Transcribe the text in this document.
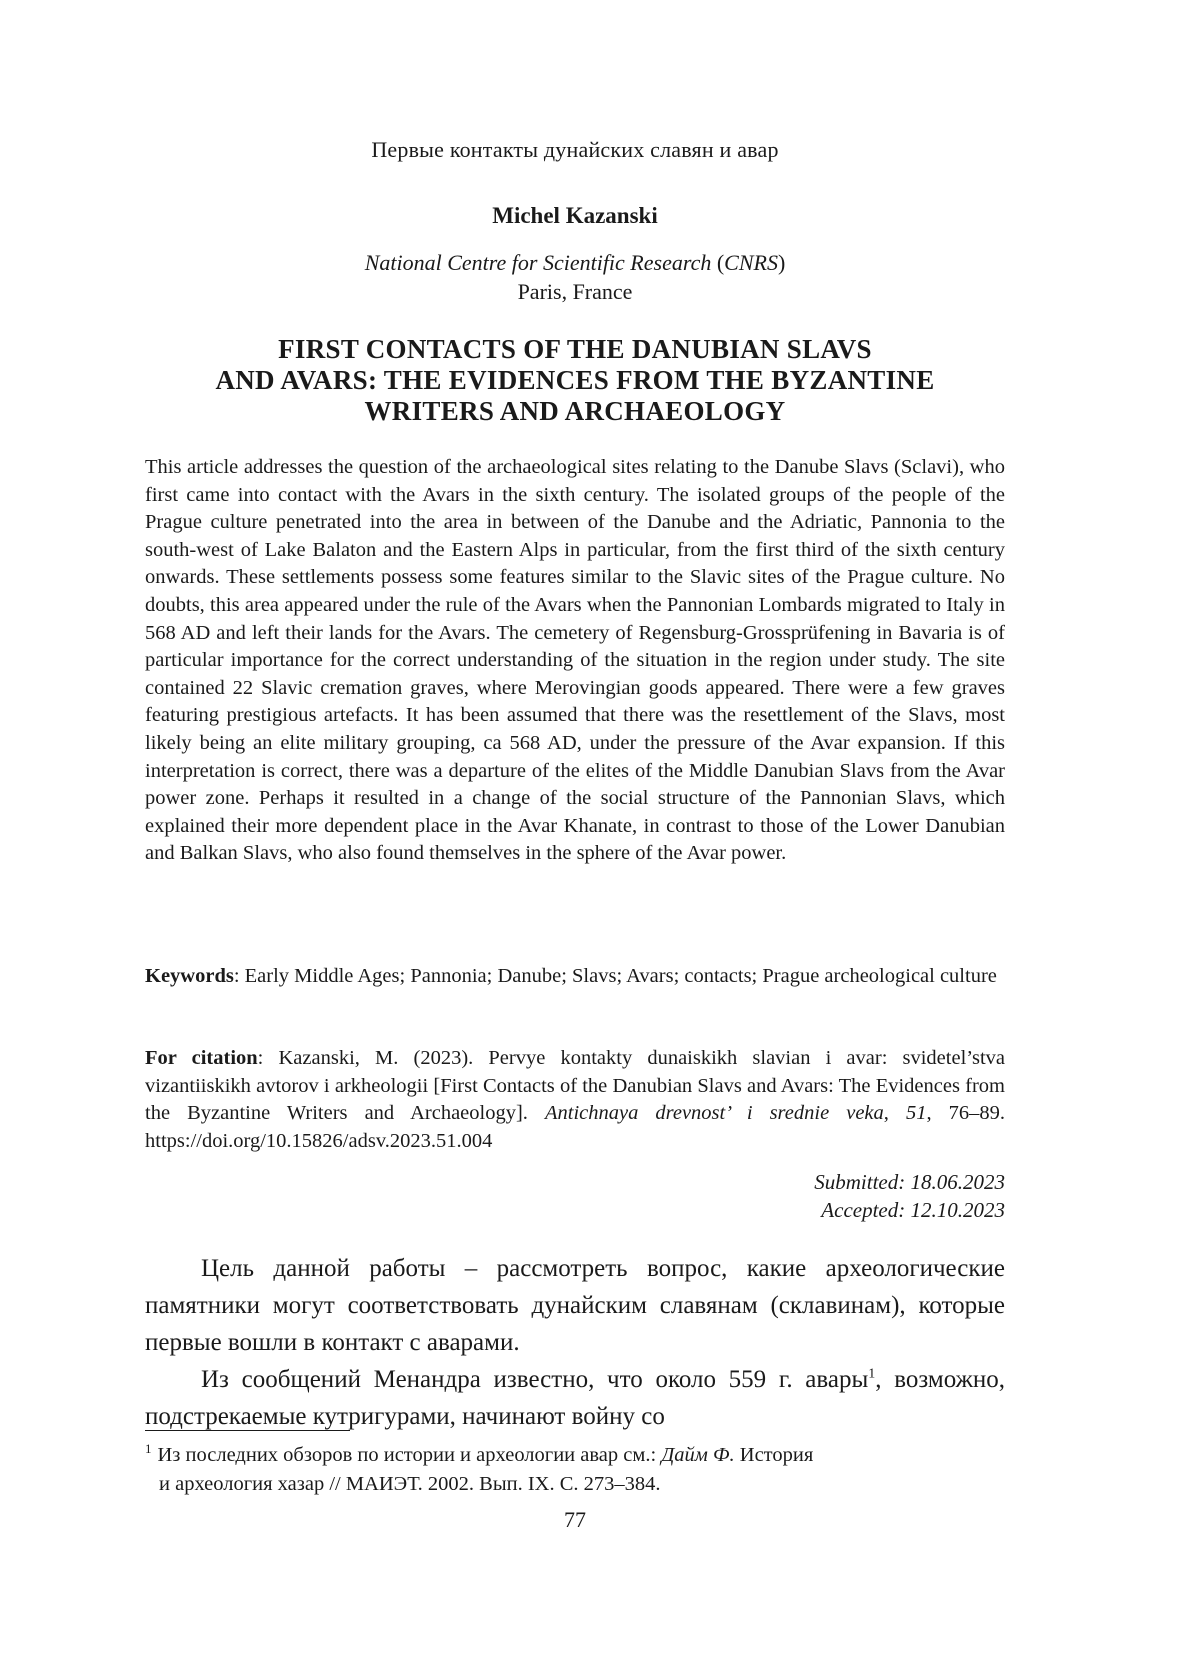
Первые контакты дунайских славян и авар
Michel Kazanski
National Centre for Scientific Research (CNRS)
Paris, France
FIRST CONTACTS OF THE DANUBIAN SLAVS
AND AVARS: THE EVIDENCES FROM THE BYZANTINE
WRITERS AND ARCHAEOLOGY
This article addresses the question of the archaeological sites relating to the Danube Slavs (Sclavi), who first came into contact with the Avars in the sixth century. The isolated groups of the people of the Prague culture penetrated into the area in between of the Danube and the Adriatic, Pannonia to the south-west of Lake Balaton and the Eastern Alps in particular, from the first third of the sixth century onwards. These settlements possess some features similar to the Slavic sites of the Prague culture. No doubts, this area appeared under the rule of the Avars when the Pannonian Lombards migrated to Italy in 568 AD and left their lands for the Avars. The cemetery of Regensburg-Grossprüfening in Bavaria is of particular importance for the correct understanding of the situation in the region under study. The site contained 22 Slavic cremation graves, where Merovingian goods appeared. There were a few graves featuring prestigious artefacts. It has been assumed that there was the resettlement of the Slavs, most likely being an elite military grouping, ca 568 AD, under the pressure of the Avar expansion. If this interpretation is correct, there was a departure of the elites of the Middle Danubian Slavs from the Avar power zone. Perhaps it resulted in a change of the social structure of the Pannonian Slavs, which explained their more dependent place in the Avar Khanate, in contrast to those of the Lower Danubian and Balkan Slavs, who also found themselves in the sphere of the Avar power.
Keywords: Early Middle Ages; Pannonia; Danube; Slavs; Avars; contacts; Prague archeological culture
For citation: Kazanski, M. (2023). Pervye kontakty dunaiskikh slavian i avar: svidetel’stva vizantiiskikh avtorov i arkheologii [First Contacts of the Danubian Slavs and Avars: The Evidences from the Byzantine Writers and Archaeology]. Antichnaya drevnost’ i srednie veka, 51, 76–89. https://doi.org/10.15826/adsv.2023.51.004
Submitted: 18.06.2023
Accepted: 12.10.2023

Цель данной работы – рассмотреть вопрос, какие археологические памятники могут соответствовать дунайским славянам (склавинам), которые первые вошли в контакт с аварами.

Из сообщений Менандра известно, что около 559 г. авары$^1$, возможно, подстрекаемые кутригурами, начинают войну со

$^1$ Из последних обзоров по истории и археологии авар см.: Дайм Ф. История
и археология хазар // МАИЭТ. 2002. Вып. IX. С. 273–384.
77
